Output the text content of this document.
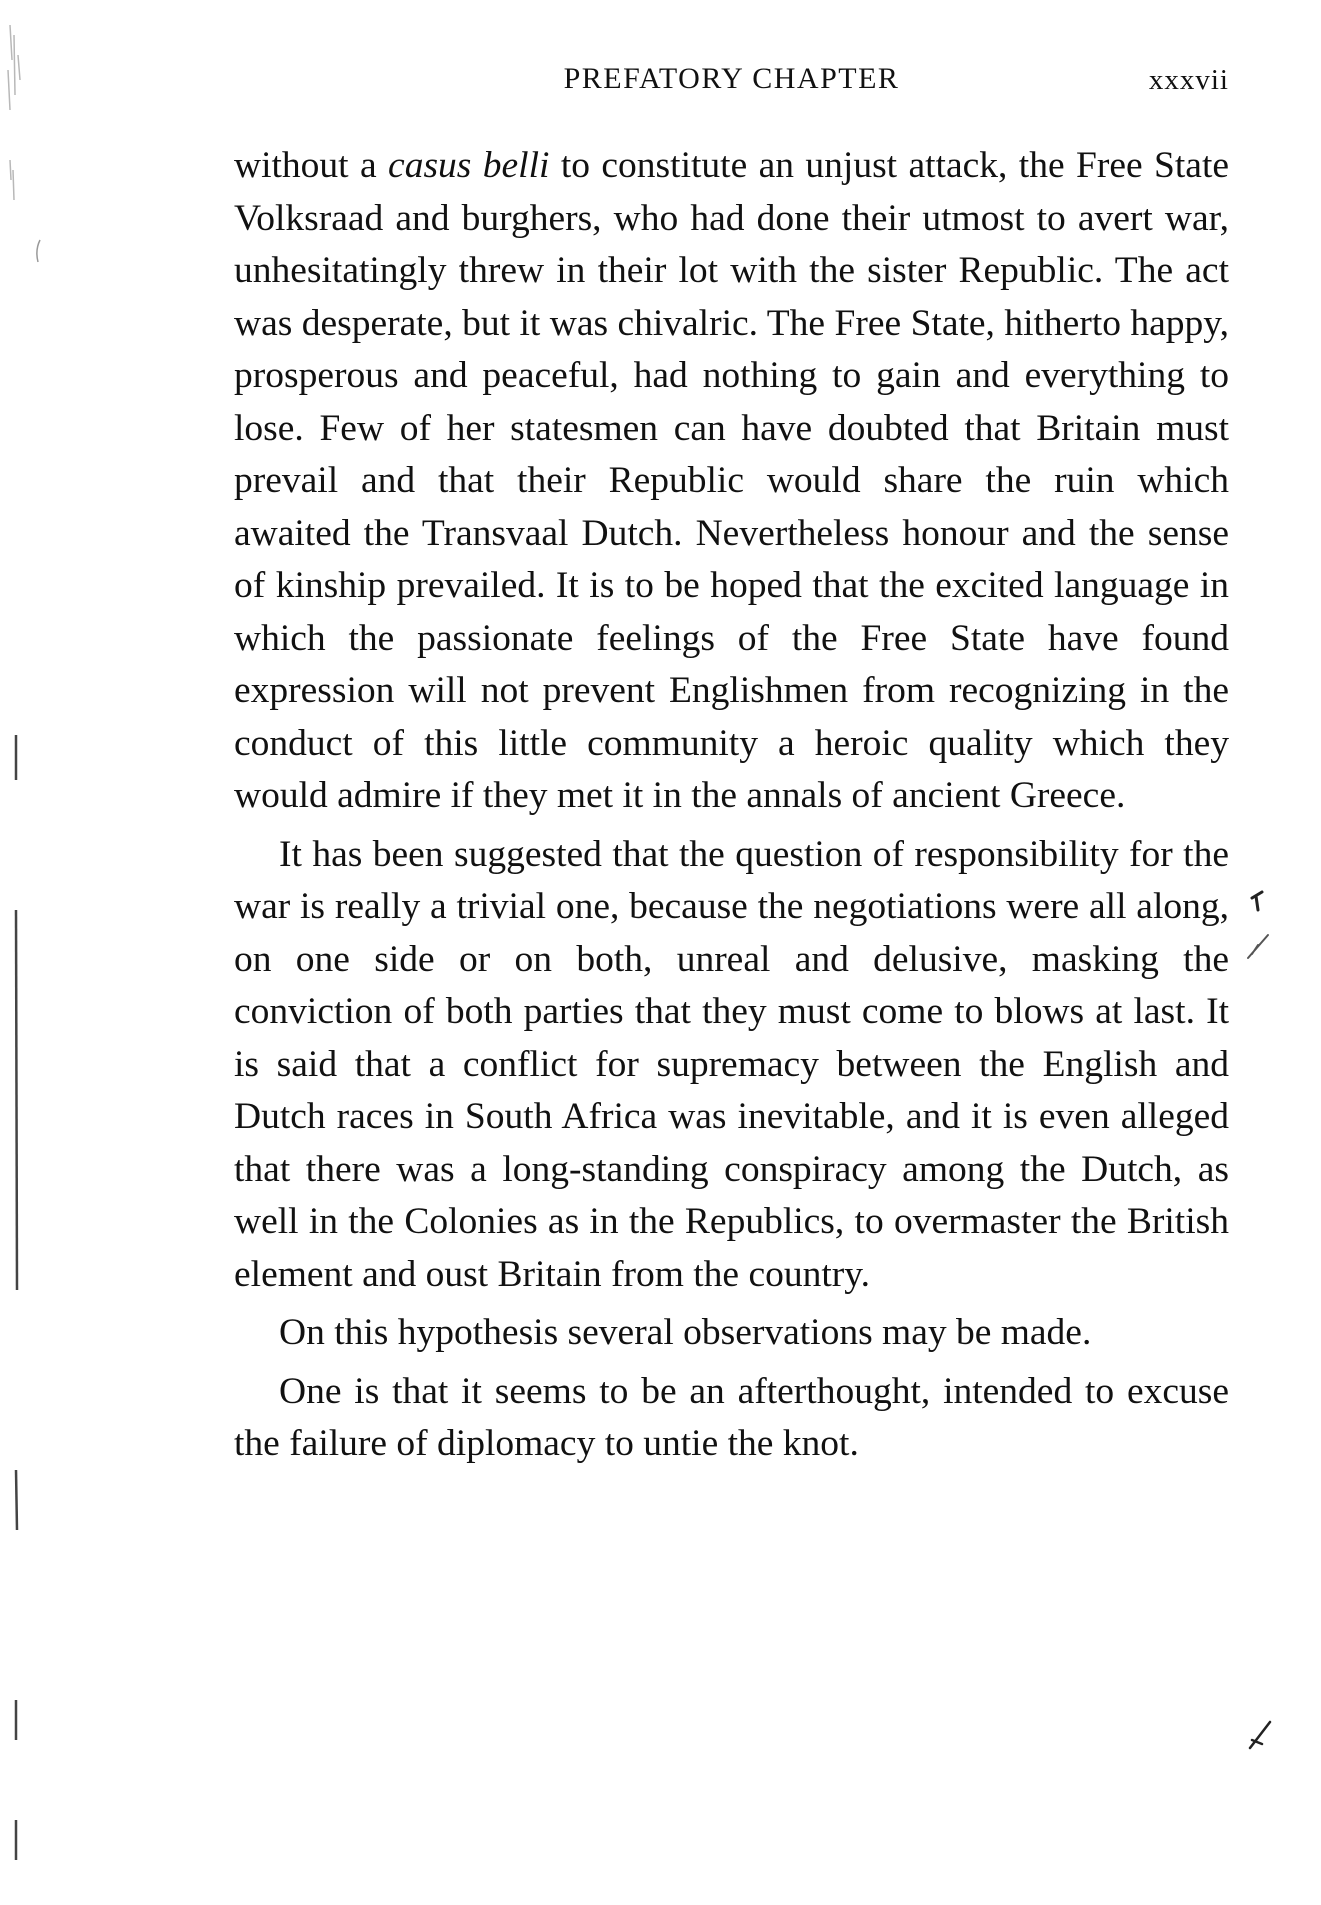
PREFATORY CHAPTER	xxxvii

without a casus belli to constitute an unjust attack, the Free State Volksraad and burghers, who had done their utmost to avert war, unhesitatingly threw in their lot with the sister Republic. The act was desperate, but it was chivalric. The Free State, hitherto happy, prosperous and peaceful, had nothing to gain and everything to lose. Few of her statesmen can have doubted that Britain must prevail and that their Republic would share the ruin which awaited the Transvaal Dutch. Nevertheless honour and the sense of kinship prevailed. It is to be hoped that the excited language in which the passionate feelings of the Free State have found expression will not prevent Englishmen from recognizing in the conduct of this little community a heroic quality which they would admire if they met it in the annals of ancient Greece.

It has been suggested that the question of responsibility for the war is really a trivial one, because the negotiations were all along, on one side or on both, unreal and delusive, masking the conviction of both parties that they must come to blows at last. It is said that a conflict for supremacy between the English and Dutch races in South Africa was inevitable, and it is even alleged that there was a long-standing conspiracy among the Dutch, as well in the Colonies as in the Republics, to overmaster the British element and oust Britain from the country.

On this hypothesis several observations may be made.

One is that it seems to be an afterthought, intended to excuse the failure of diplomacy to untie the knot.
